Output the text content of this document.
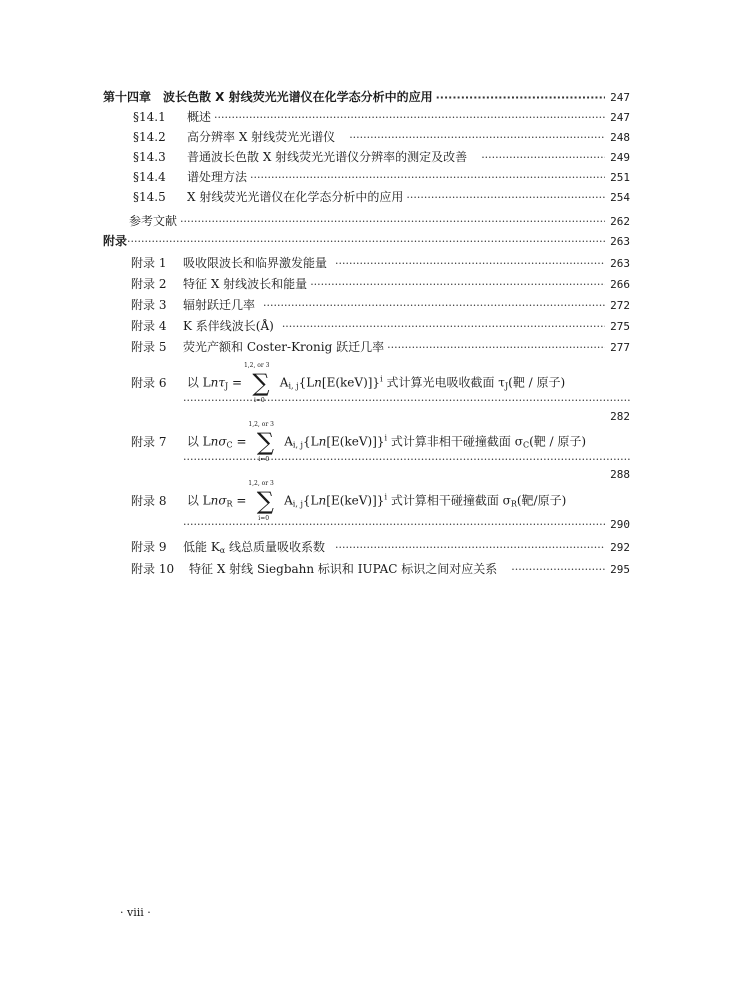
第十四章　波长色散 X 射线荧光光谱仪在化学态分析中的应用 ·····	247
§14.1 概述 ·····	247
§14.2 高分辨率 X 射线荧光光谱仪 ·····	248
§14.3 普通波长色散 X 射线荧光光谱仪分辨率的测定及改善 ·····	249
§14.4 谱处理方法 ·····	251
§14.5 X 射线荧光光谱仪在化学态分析中的应用 ·····	254
参考文献 ·····	262
附录 ·····	263
附录 1 吸收限波长和临界激发能量 ·····	263
附录 2 特征 X 射线波长和能量 ·····	266
附录 3 辐射跃迁几率 ·····	272
附录 4 K 系伴线波长(Å) ·····	275
附录 5 荧光产额和 Coster-Kronig 跃迁几率 ·····	277
附录 6 以 LnτJ =
1,2, or 3
∑
i=0
Ai, $j\{Ln[E(keV)]\}^i$ 式计算光电吸收截面 τJ(靶 / 原子)
·····
282
附录 7 以 LnσC =
1,2, or 3
∑
i=0
Ai, $j\{Ln[E(keV)]\}^i$ 式计算非相干碰撞截面 σC(靶 / 原子)
·····
288
附录 8 以 LnσR =
1,2, or 3
∑
i=0
Ai, $j\{Ln[E(keV)]\}^i$ 式计算相干碰撞截面 σR(靶/原子)
·····
290
附录 9 低能 Kα 线总质量吸收系数 ·····	292
附录 10 特征 X 射线 Siegbahn 标识和 IUPAC 标识之间对应关系 ·····	295
· viii ·
